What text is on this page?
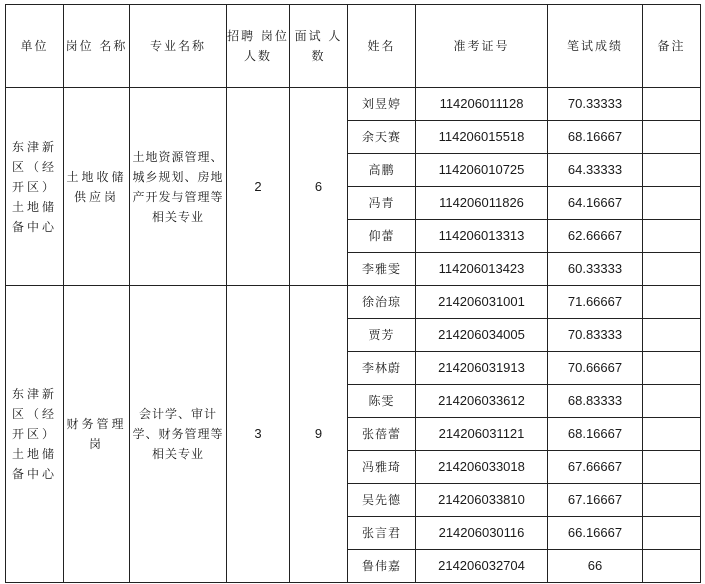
单位	岗位 名称	专业名称	招聘 岗位 人数	面试 人数	姓名	准考证号	笔试成绩	备注
东津新区（经开区）土地储备中心	土地收储供应岗	土地资源管理、城乡规划、房地产开发与管理等相关专业	2	6	刘昱婷	114206011128	70.33333	
					余天赛	114206015518	68.16667	
					高鹏	114206010725	64.33333	
					冯青	114206011826	64.16667	
					仰蕾	114206013313	62.66667	
					李雅雯	114206013423	60.33333	
东津新区（经开区）土地储备中心	财务管理岗	会计学、审计学、财务管理等相关专业	3	9	徐治琼	214206031001	71.66667	
					贾芳	214206034005	70.83333	
					李林蔚	214206031913	70.66667	
					陈雯	214206033612	68.83333	
					张蓓蕾	214206031121	68.16667	
					冯雅琦	214206033018	67.66667	
					吴先德	214206033810	67.16667	
					张言君	214206030116	66.16667	
					鲁伟嘉	214206032704	66	
